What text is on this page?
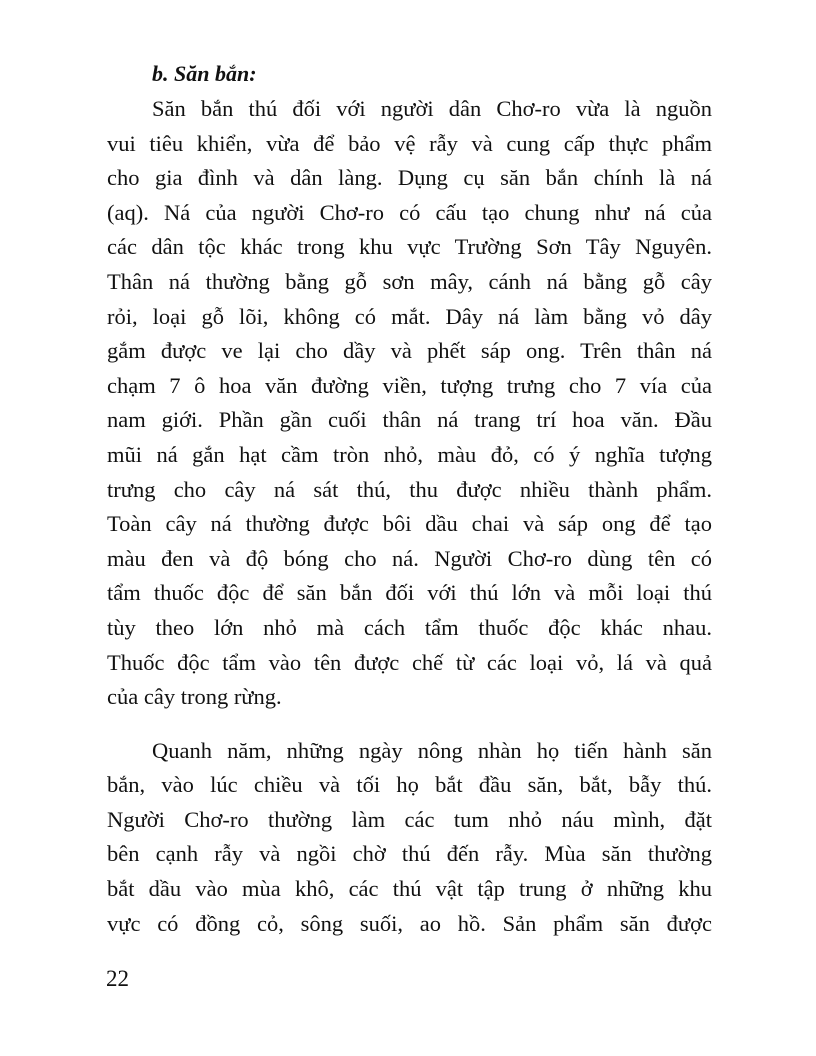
b. Săn bắn:
Săn bắn thú đối với người dân Chơ-ro vừa là nguồn
vui tiêu khiển, vừa để bảo vệ rẫy và cung cấp thực phẩm
cho gia đình và dân làng. Dụng cụ săn bắn chính là ná
(aq). Ná của người Chơ-ro có cấu tạo chung như ná của
các dân tộc khác trong khu vực Trường Sơn Tây Nguyên.
Thân ná thường bằng gỗ sơn mây, cánh ná bằng gỗ cây
rỏi, loại gỗ lõi, không có mắt. Dây ná làm bằng vỏ dây
gắm được ve lại cho dầy và phết sáp ong. Trên thân ná
chạm 7 ô hoa văn đường viền, tượng trưng cho 7 vía của
nam giới. Phần gần cuối thân ná trang trí hoa văn. Đầu
mũi ná gắn hạt cầm tròn nhỏ, màu đỏ, có ý nghĩa tượng
trưng cho cây ná sát thú, thu được nhiều thành phẩm.
Toàn cây ná thường được bôi dầu chai và sáp ong để tạo
màu đen và độ bóng cho ná. Người Chơ-ro dùng tên có
tẩm thuốc độc để săn bắn đối với thú lớn và mỗi loại thú
tùy theo lớn nhỏ mà cách tẩm thuốc độc khác nhau.
Thuốc độc tẩm vào tên được chế từ các loại vỏ, lá và quả
của cây trong rừng.
Quanh năm, những ngày nông nhàn họ tiến hành săn
bắn, vào lúc chiều và tối họ bắt đầu săn, bắt, bẫy thú.
Người Chơ-ro thường làm các tum nhỏ náu mình, đặt
bên cạnh rẫy và ngồi chờ thú đến rẫy. Mùa săn thường
bắt dầu vào mùa khô, các thú vật tập trung ở những khu
vực có đồng cỏ, sông suối, ao hồ. Sản phẩm săn được
22
